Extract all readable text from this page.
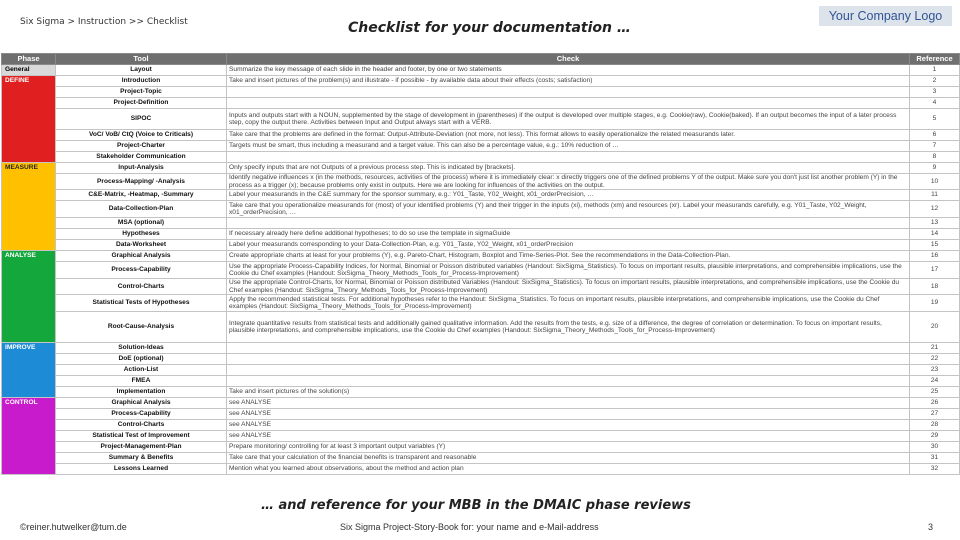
Six Sigma > Instruction >> Checklist	Checklist for your documentation …
Your Company Logo
Phase	Tool	Check	Reference
General	Layout	Summarize the key message of each slide in the header and footer, by one or two statements	1
DEFINE	Introduction	Take and insert pictures of the problem(s) and illustrate - if possible - by available data about their effects (costs; satisfaction)	2
	Project-Topic		3
	Project-Definition		4
	SIPOC	Inputs and outputs start with a NOUN, supplemented by the stage of development in (parentheses) if the output is developed over multiple stages, e.g. Cookie(raw), Cookie(baked). If an output becomes the input of a later process step, copy the output there. Activities between Input and Output always start with a VERB.	5
	VoC/ VoB/ CtQ (Voice to Criticals)	Take care that the problems are defined in the format: Output-Attribute-Deviation (not more, not less). This format allows to easily operationalize the related measurands later.	6
	Project-Charter	Targets must be smart, thus including a measurand and a target value. This can also be a percentage value, e.g.: 10% reduction of …	7
	Stakeholder Communication		8
MEASURE	Input-Analysis	Only specify inputs that are not Outputs of a previous process step. This is indicated by [brackets].	9
	Process-Mapping/ -Analysis	Identify negative influences x (in the methods, resources, activities of the process) where it is immediately clear: x directly triggers one of the defined problems Y of the output. Make sure you don't just list another problem (Y) in the process as a trigger (x); because problems only exist in outputs. Here we are looking for influences of the activities on the output.	10
	C&E-Matrix, -Heatmap, -Summary	Label your measurands in the C&E summary for the sponsor summary, e.g.: Y01_Taste, Y02_Weight, x01_orderPrecision, …	11
	Data-Collection-Plan	Take care that you operationalize measurands for (most) of your identified problems (Y) and their trigger in the inputs (xi), methods (xm) and resources (xr). Label your measurands carefully, e.g. Y01_Taste, Y02_Weight, x01_orderPrecision, …	12
	MSA (optional)		13
	Hypotheses	If necessary already here define additional hypotheses; to do so use the template in sigmaGuide	14
	Data-Worksheet	Label your measurands corresponding to your Data-Collection-Plan, e.g. Y01_Taste, Y02_Weight, x01_orderPrecision	15
ANALYSE	Graphical Analysis	Create appropriate charts at least for your problems (Y), e.g. Pareto-Chart, Histogram, Boxplot and Time-Series-Plot. See the recommendations in the Data-Collection-Plan.	16
	Process-Capability	Use the appropriate Process-Capability Indices, for Normal, Binomial or Poisson distributed variables (Handout: SixSigma_Statistics). To focus on important results, plausible interpretations, and comprehensible implications, use the Cookie du Chef examples (Handout: SixSigma_Theory_Methods_Tools_for_Process-Improvement)	17
	Control-Charts	Use the appropriate Control-Charts, for Normal, Binomial or Poisson distributed Variables (Handout: SixSigma_Statistics). To focus on important results, plausible interpretations, and comprehensible implications, use the Cookie du Chef examples (Handout: SixSigma_Theory_Methods_Tools_for_Process-Improvement)	18
	Statistical Tests of Hypotheses	Apply the recommended statistical tests. For additional hypotheses refer to the Handout: SixSigma_Statistics. To focus on important results, plausible interpretations, and comprehensible implications, use the Cookie du Chef examples (Handout: SixSigma_Theory_Methods_Tools_for_Process-Improvement)	19
	Root-Cause-Analysis	Integrate quantitative results from statistical tests and additionally gained qualitative information. Add the results from the tests, e.g. size of a difference, the degree of correlation or determination. To focus on important results, plausible interpretations, and comprehensible implications, use the Cookie du Chef examples (Handout: SixSigma_Theory_Methods_Tools_for_Process-Improvement)	20
IMPROVE	Solution-Ideas		21
	DoE (optional)		22
	Action-List		23
	FMEA		24
	Implementation	Take and insert pictures of the solution(s)	25
CONTROL	Graphical Analysis	see ANALYSE	26
	Process-Capability	see ANALYSE	27
	Control-Charts	see ANALYSE	28
	Statistical Test of Improvement	see ANALYSE	29
	Project-Management-Plan	Prepare monitoring/ controlling for at least 3 important output variables (Y)	30
	Summary & Benefits	Take care that your calculation of the financial benefits is transparent and reasonable	31
	Lessons Learned	Mention what you learned about observations, about the method and action plan	32
… and reference for your MBB in the DMAIC phase reviews
©reiner.hutwelker@tum.de	Six Sigma Project-Story-Book for: your name and e-Mail-address	3
